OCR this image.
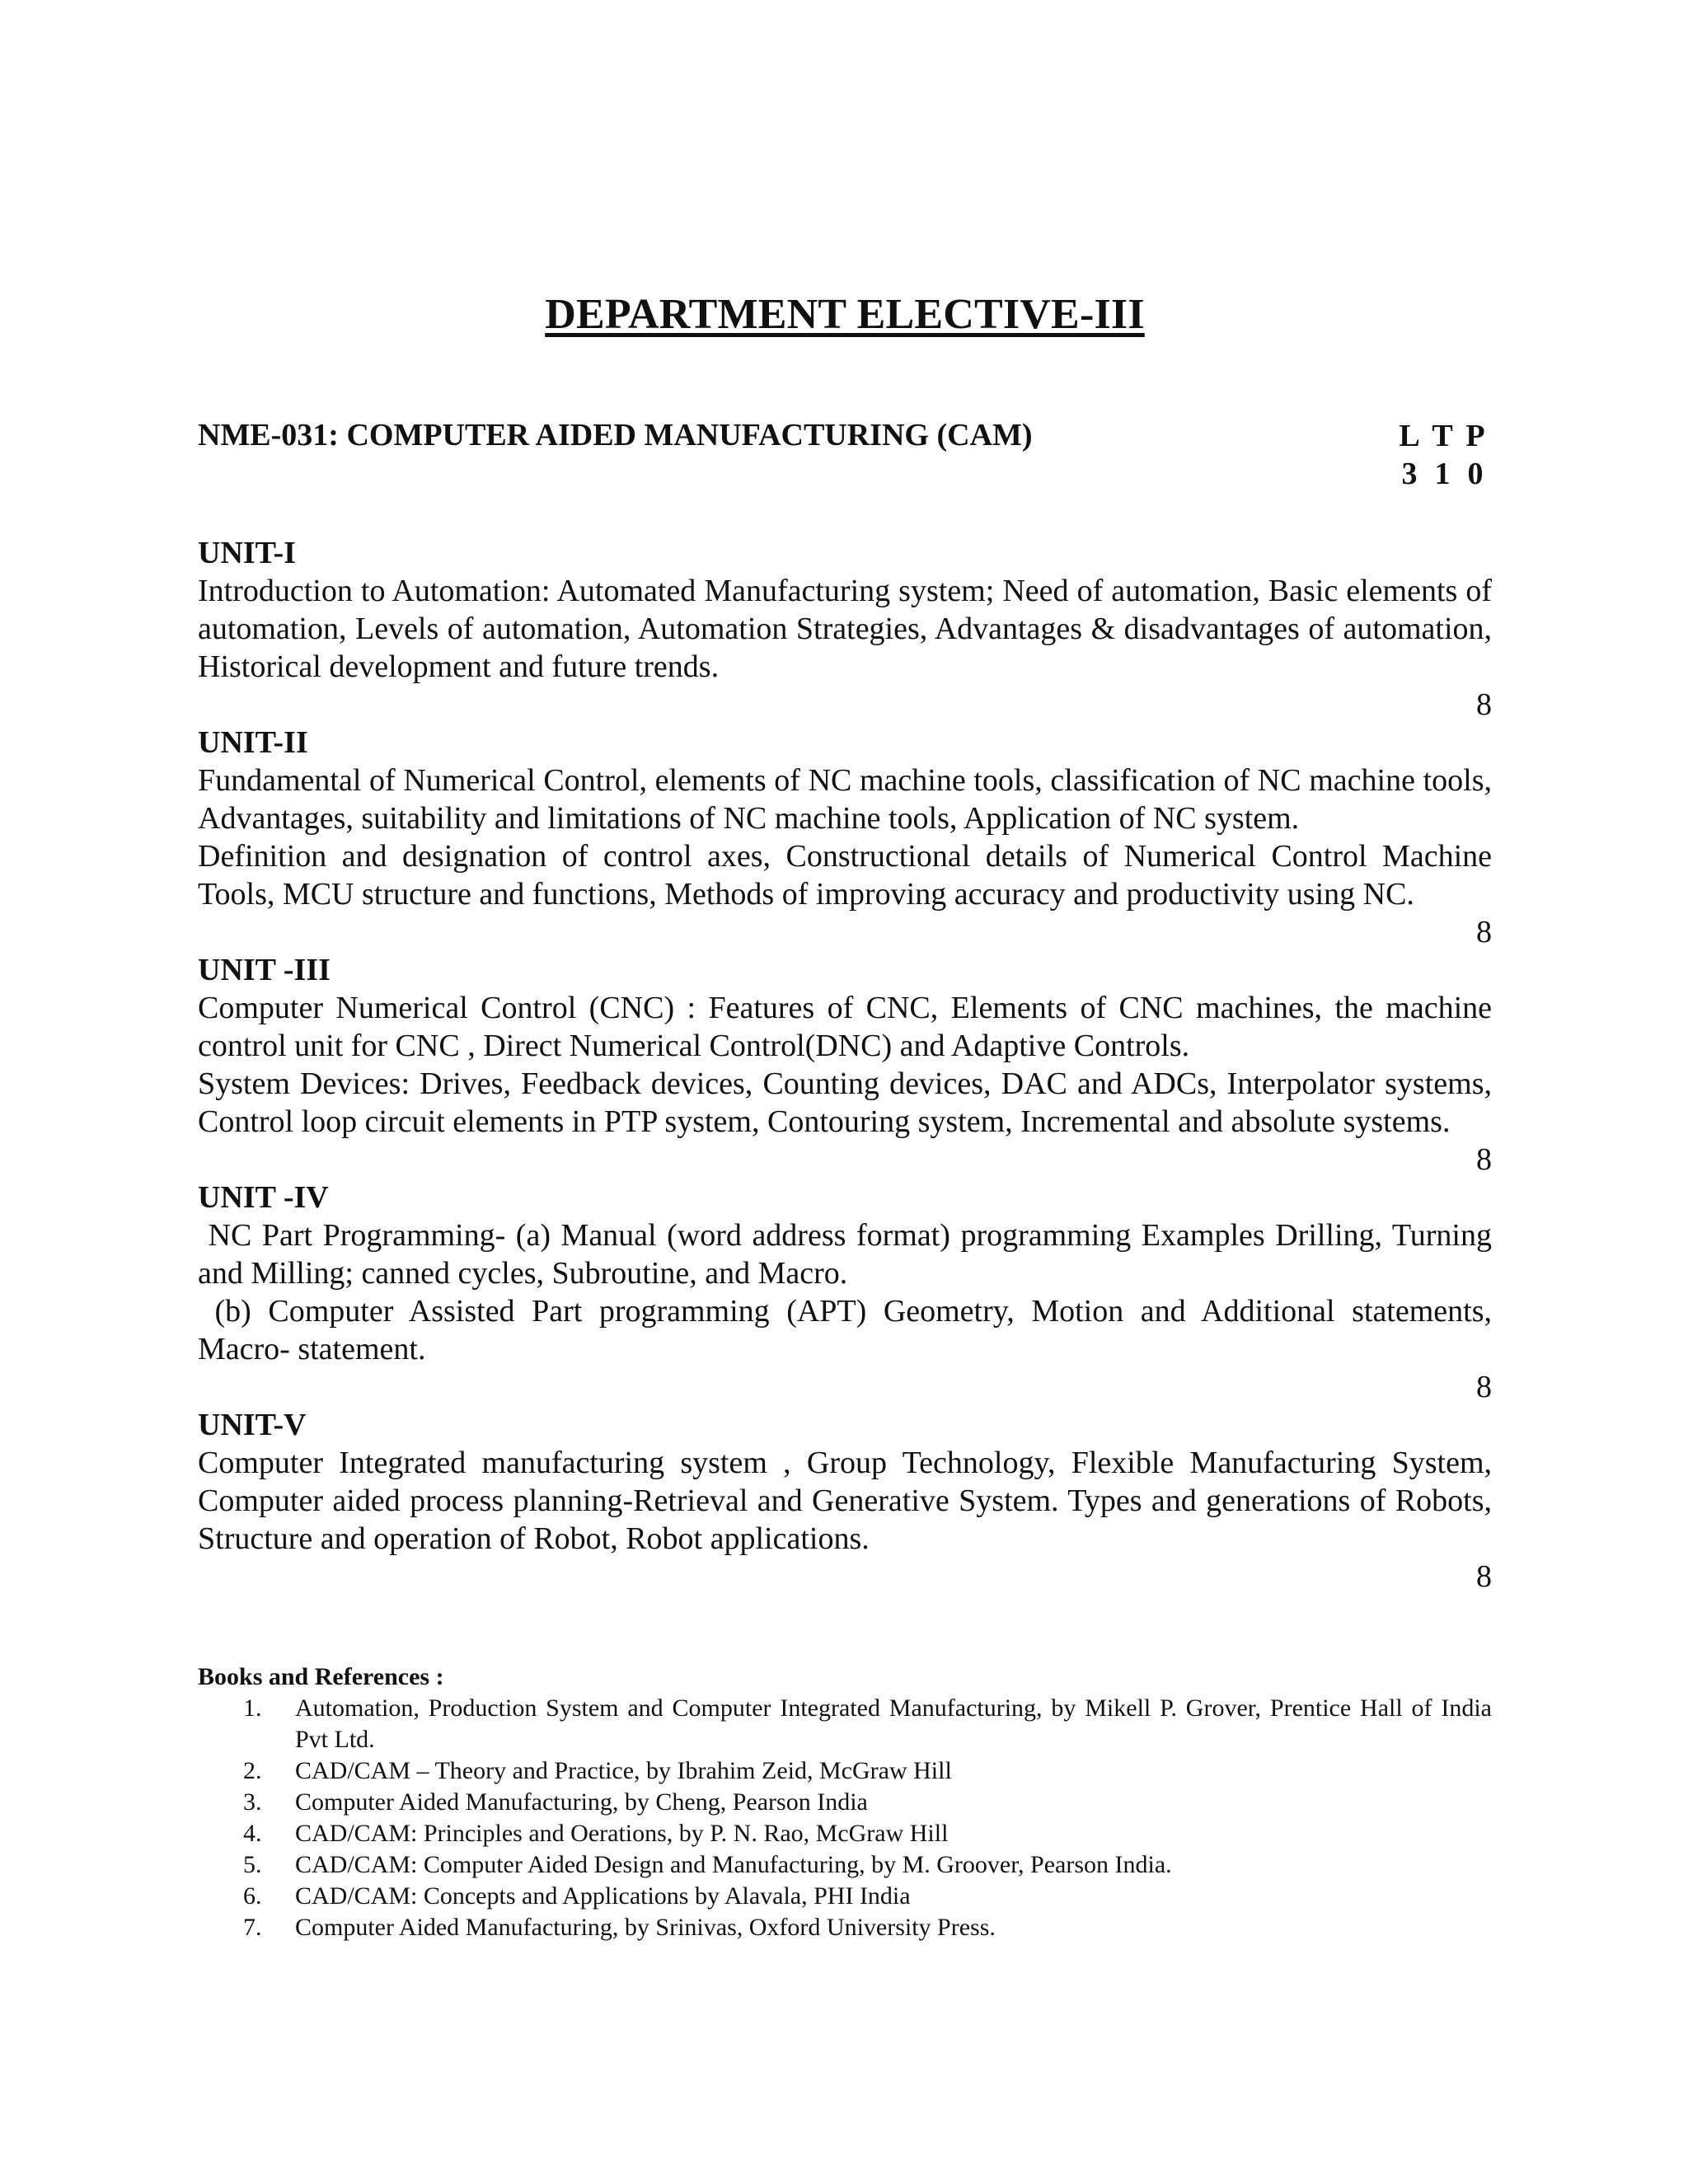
DEPARTMENT ELECTIVE-III
NME-031: COMPUTER AIDED MANUFACTURING (CAM)	L T P
3 1 0

UNIT-I

Introduction to Automation: Automated Manufacturing system; Need of automation, Basic elements of automation, Levels of automation, Automation Strategies, Advantages & disadvantages of automation, Historical development and future trends.

8

UNIT-II

Fundamental of Numerical Control, elements of NC machine tools, classification of NC machine tools, Advantages, suitability and limitations of NC machine tools, Application of NC system.

Definition and designation of control axes, Constructional details of Numerical Control Machine Tools, MCU structure and functions, Methods of improving accuracy and productivity using NC.

8

UNIT -III

Computer Numerical Control (CNC) : Features of CNC, Elements of CNC machines, the machine control unit for CNC , Direct Numerical Control(DNC) and Adaptive Controls.

System Devices: Drives, Feedback devices, Counting devices, DAC and ADCs, Interpolator systems, Control loop circuit elements in PTP system, Contouring system, Incremental and absolute systems.

8

UNIT -IV

NC Part Programming- (a) Manual (word address format) programming Examples Drilling, Turning and Milling; canned cycles, Subroutine, and Macro.

(b) Computer Assisted Part programming (APT) Geometry, Motion and Additional statements, Macro- statement.

8

UNIT-V

Computer Integrated manufacturing system , Group Technology, Flexible Manufacturing System, Computer aided process planning-Retrieval and Generative System. Types and generations of Robots, Structure and operation of Robot, Robot applications.

8

Books and References :

1. Automation, Production System and Computer Integrated Manufacturing, by Mikell P. Grover, Prentice Hall of India Pvt Ltd.
2. CAD/CAM – Theory and Practice, by Ibrahim Zeid, McGraw Hill
3. Computer Aided Manufacturing, by Cheng, Pearson India
4. CAD/CAM: Principles and Oerations, by P. N. Rao, McGraw Hill
5. CAD/CAM: Computer Aided Design and Manufacturing, by M. Groover, Pearson India.
6. CAD/CAM: Concepts and Applications by Alavala, PHI India
7. Computer Aided Manufacturing, by Srinivas, Oxford University Press.
